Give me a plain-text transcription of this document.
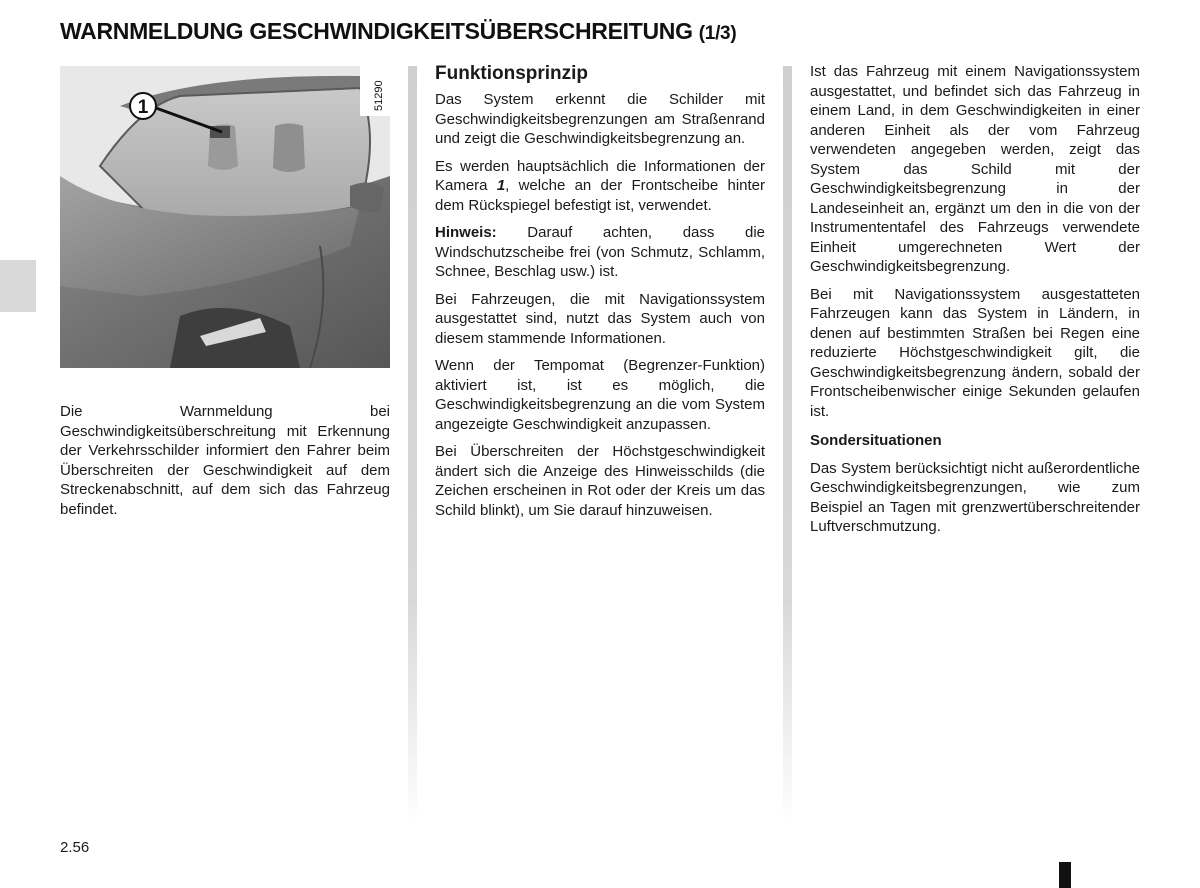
WARNMELDUNG GESCHWINDIGKEITSÜBERSCHREITUNG (1/3)
1	51290

Die Warnmeldung bei Geschwindigkeitsüberschreitung mit Erkennung der Verkehrsschilder informiert den Fahrer beim Überschreiten der Geschwindigkeit auf dem Streckenabschnitt, auf dem sich das Fahrzeug befindet.

Funktionsprinzip

Das System erkennt die Schilder mit Geschwindigkeitsbegrenzungen am Straßenrand und zeigt die Geschwindigkeitsbegrenzung an.

Es werden hauptsächlich die Informationen der Kamera 1, welche an der Frontscheibe hinter dem Rückspiegel befestigt ist, verwendet.

Hinweis: Darauf achten, dass die Windschutzscheibe frei (von Schmutz, Schlamm, Schnee, Beschlag usw.) ist.

Bei Fahrzeugen, die mit Navigationssystem ausgestattet sind, nutzt das System auch von diesem stammende Informationen.

Wenn der Tempomat (Begrenzer-Funktion) aktiviert ist, ist es möglich, die Geschwindigkeitsbegrenzung an die vom System angezeigte Geschwindigkeit anzupassen.

Bei Überschreiten der Höchstgeschwindigkeit ändert sich die Anzeige des Hinweisschilds (die Zeichen erscheinen in Rot oder der Kreis um das Schild blinkt), um Sie darauf hinzuweisen.

Ist das Fahrzeug mit einem Navigationssystem ausgestattet, und befindet sich das Fahrzeug in einem Land, in dem Geschwindigkeiten in einer anderen Einheit als der vom Fahrzeug verwendeten angegeben werden, zeigt das System das Schild mit der Geschwindigkeitsbegrenzung in der Landeseinheit an, ergänzt um den in die von der Instrumententafel des Fahrzeugs verwendete Einheit umgerechneten Wert der Geschwindigkeitsbegrenzung.

Bei mit Navigationssystem ausgestatteten Fahrzeugen kann das System in Ländern, in denen auf bestimmten Straßen bei Regen eine reduzierte Höchstgeschwindigkeit gilt, die Geschwindigkeitsbegrenzung ändern, sobald der Frontscheibenwischer einige Sekunden gelaufen ist.

Sondersituationen

Das System berücksichtigt nicht außerordentliche Geschwindigkeitsbegrenzungen, wie zum Beispiel an Tagen mit grenzwertüberschreitender Luftverschmutzung.

2.56
